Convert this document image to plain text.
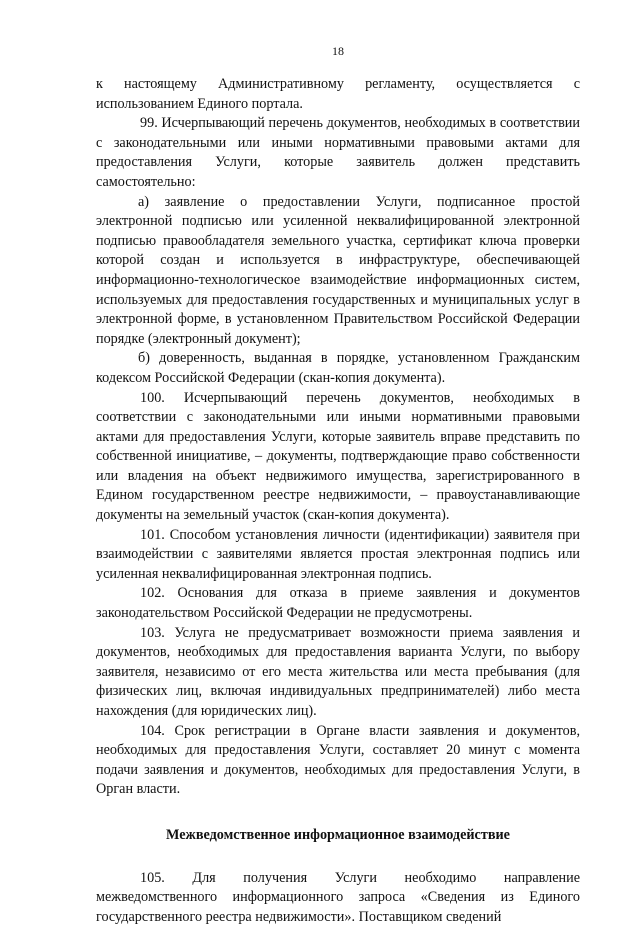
18

к настоящему Административному регламенту, осуществляется с использованием Единого портала.

99. Исчерпывающий перечень документов, необходимых в соответствии с законодательными или иными нормативными правовыми актами для предоставления Услуги, которые заявитель должен представить самостоятельно:

а) заявление о предоставлении Услуги, подписанное простой электронной подписью или усиленной неквалифицированной электронной подписью правообладателя земельного участка, сертификат ключа проверки которой создан и используется в инфраструктуре, обеспечивающей информационно-технологическое взаимодействие информационных систем, используемых для предоставления государственных и муниципальных услуг в электронной форме, в установленном Правительством Российской Федерации порядке (электронный документ);

б) доверенность, выданная в порядке, установленном Гражданским кодексом Российской Федерации (скан-копия документа).

100. Исчерпывающий перечень документов, необходимых в соответствии с законодательными или иными нормативными правовыми актами для предоставления Услуги, которые заявитель вправе представить по собственной инициативе, – документы, подтверждающие право собственности или владения на объект недвижимого имущества, зарегистрированного в Едином государственном реестре недвижимости, – правоустанавливающие документы на земельный участок (скан-копия документа).

101. Способом установления личности (идентификации) заявителя при взаимодействии с заявителями является простая электронная подпись или усиленная неквалифицированная электронная подпись.

102. Основания для отказа в приеме заявления и документов законодательством Российской Федерации не предусмотрены.

103. Услуга не предусматривает возможности приема заявления и документов, необходимых для предоставления варианта Услуги, по выбору заявителя, независимо от его места жительства или места пребывания (для физических лиц, включая индивидуальных предпринимателей) либо места нахождения (для юридических лиц).

104. Срок регистрации в Органе власти заявления и документов, необходимых для предоставления Услуги, составляет 20 минут с момента подачи заявления и документов, необходимых для предоставления Услуги, в Орган власти.

Межведомственное информационное взаимодействие

105. Для получения Услуги необходимо направление межведомственного информационного запроса «Сведения из Единого государственного реестра недвижимости». Поставщиком сведений
